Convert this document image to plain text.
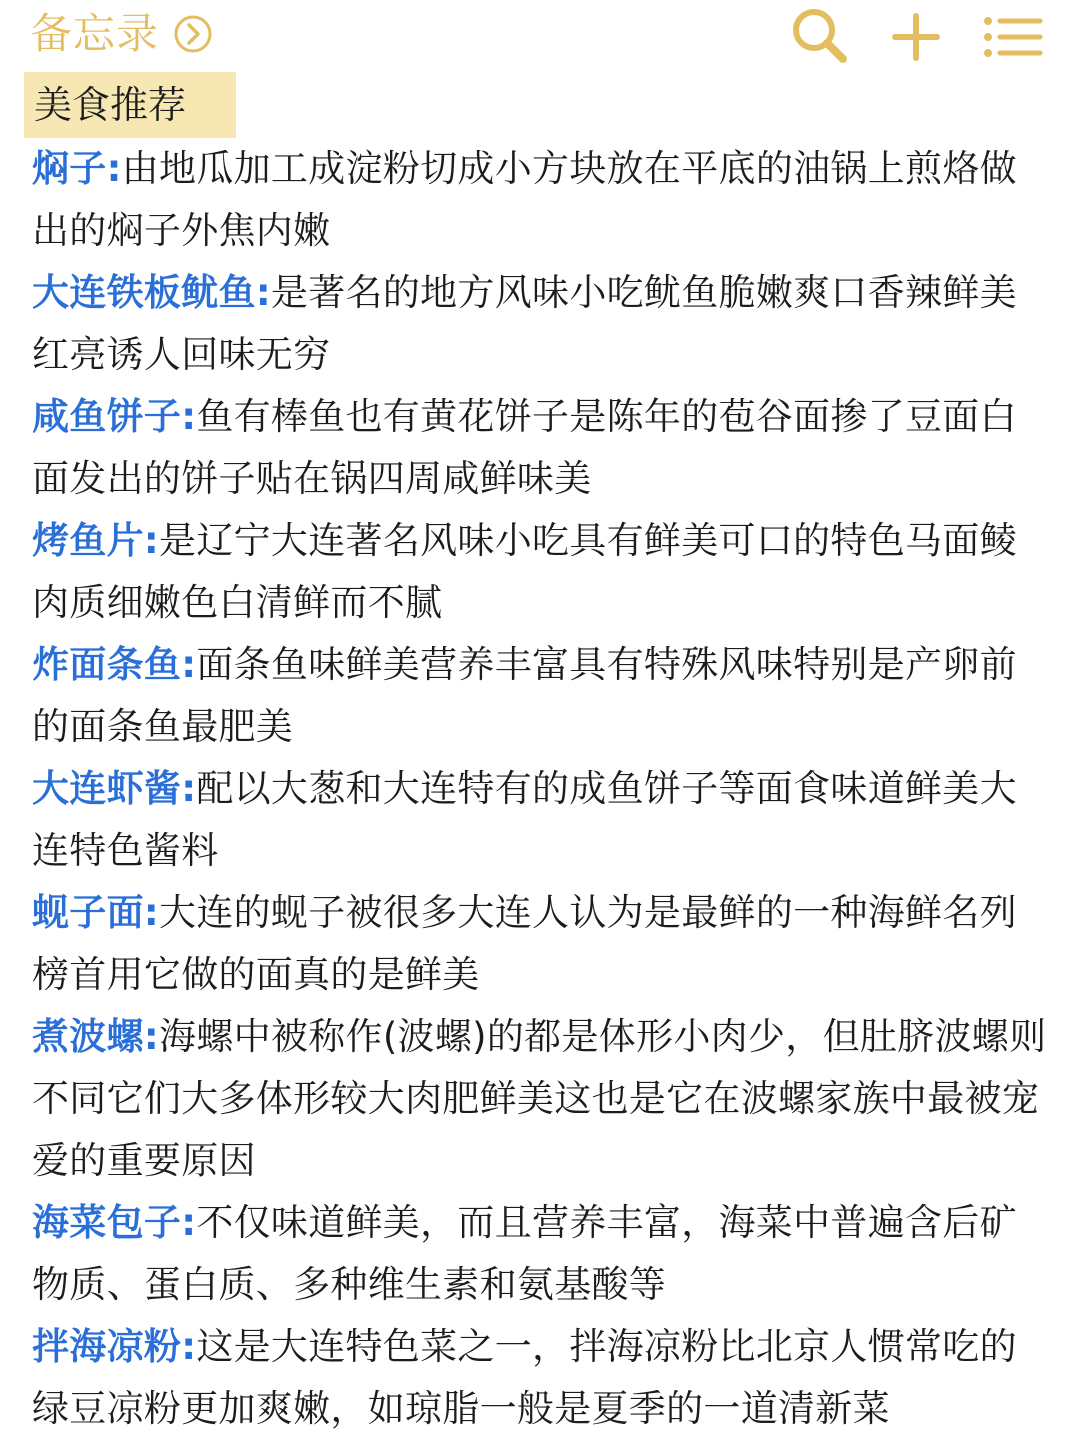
备忘录
美食推荐

焖子:由地瓜加工成淀粉切成小方块放在平底的油锅上煎烙做出的焖子外焦内嫩

大连铁板鱿鱼:是著名的地方风味小吃鱿鱼脆嫩爽口香辣鲜美红亮诱人回味无穷

咸鱼饼子:鱼有棒鱼也有黄花饼子是陈年的苞谷面掺了豆面白面发出的饼子贴在锅四周咸鲜味美

烤鱼片:是辽宁大连著名风味小吃具有鲜美可口的特色马面鲮肉质细嫩色白清鲜而不腻

炸面条鱼:面条鱼味鲜美营养丰富具有特殊风味特别是产卵前的面条鱼最肥美

大连虾酱:配以大葱和大连特有的成鱼饼子等面食味道鲜美大连特色酱料

蚬子面:大连的蚬子被很多大连人认为是最鲜的一种海鲜名列榜首用它做的面真的是鲜美

煮波螺:海螺中被称作(波螺)的都是体形小肉少，但肚脐波螺则不同它们大多体形较大肉肥鲜美这也是它在波螺家族中最被宠爱的重要原因

海菜包子:不仅味道鲜美，而且营养丰富，海菜中普遍含后矿物质、蛋白质、多种维生素和氨基酸等

拌海凉粉:这是大连特色菜之一，拌海凉粉比北京人惯常吃的绿豆凉粉更加爽嫩，如琼脂一般是夏季的一道清新菜
